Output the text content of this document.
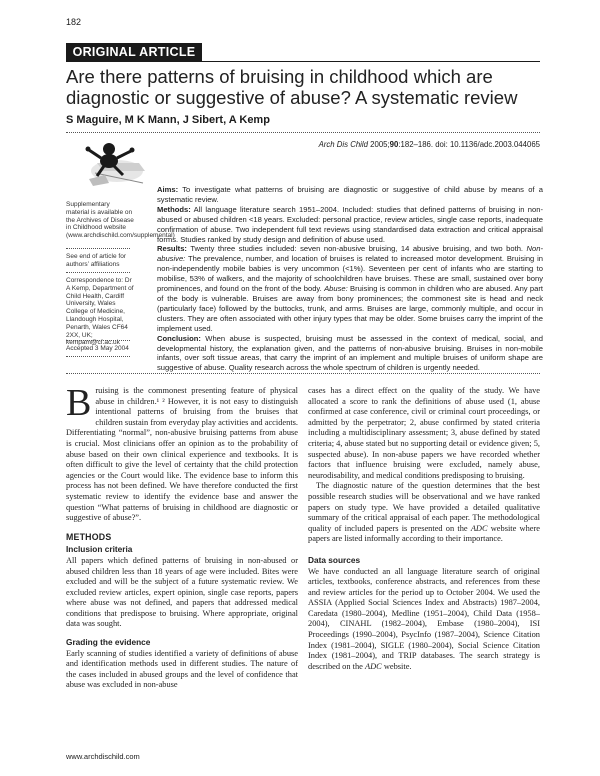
182
ORIGINAL ARTICLE
Are there patterns of bruising in childhood which are diagnostic or suggestive of abuse? A systematic review
S Maguire, M K Mann, J Sibert, A Kemp
Arch Dis Child 2005;90:182–186. doi: 10.1136/adc.2003.044065
Supplementary material is available on the Archives of Disease in Childhood website (www.archdischild.com/supplemental)
See end of article for authors’ affiliations
Correspondence to: Dr A Kemp, Department of Child Health, Cardiff University, Wales College of Medicine, Llandough Hospital, Penarth, Wales CF64 2XX, UK; kempam@cf.ac.uk
Accepted 3 May 2004

Aims: To investigate what patterns of bruising are diagnostic or suggestive of child abuse by means of a systematic review.

Methods: All language literature search 1951–2004. Included: studies that defined patterns of bruising in non-abused or abused children <18 years. Excluded: personal practice, review articles, single case reports, inadequate confirmation of abuse. Two independent full text reviews using standardised data extraction and critical appraisal forms. Studies ranked by study design and definition of abuse used.

Results: Twenty three studies included: seven non-abusive bruising, 14 abusive bruising, and two both. Non-abusive: The prevalence, number, and location of bruises is related to increased motor development. Bruising in non-independently mobile babies is very uncommon (<1%). Seventeen per cent of infants who are starting to mobilise, 53% of walkers, and the majority of schoolchildren have bruises. These are small, sustained over bony prominences, and found on the front of the body. Abuse: Bruising is common in children who are abused. Any part of the body is vulnerable. Bruises are away from bony prominences; the commonest site is head and neck (particularly face) followed by the buttocks, trunk, and arms. Bruises are large, commonly multiple, and occur in clusters. They are often associated with other injury types that may be older. Some bruises carry the imprint of the implement used.

Conclusion: When abuse is suspected, bruising must be assessed in the context of medical, social, and developmental history, the explanation given, and the patterns of non-abusive bruising. Bruises in non-mobile infants, over soft tissue areas, that carry the imprint of an implement and multiple bruises of uniform shape are suggestive of abuse. Quality research across the whole spectrum of children is urgently needed.

Bruising is the commonest presenting feature of physical abuse in children.¹ ² However, it is not easy to distinguish intentional patterns of bruising from the bruises that children sustain from everyday play activities and accidents. Differentiating “normal”, non-abusive bruising patterns from abuse is crucial. Most clinicians offer an opinion as to the probability of abuse based on their own clinical experience and textbooks. It is often difficult to give the level of certainty that the child protection agencies or the Court would like. The evidence base to inform this process has not been defined. We have therefore conducted the first systematic review to identify the evidence base and answer the question “What patterns of bruising in childhood are diagnostic or suggestive of abuse?”.

METHODS
Inclusion criteria

All papers which defined patterns of bruising in non-abused or abused children less than 18 years of age were included. Bites were excluded and will be the subject of a future systematic review. We excluded review articles, expert opinion, single case reports, papers where abuse was not defined, and papers that addressed medical conditions that predispose to bruising. Where appropriate, original data was sought.

Grading the evidence

Early scanning of studies identified a variety of definitions of abuse and identification methods used in different studies. The nature of the cases included in abused groups and the level of confidence that abuse was excluded in non-abuse

cases has a direct effect on the quality of the study. We have allocated a score to rank the definitions of abuse used (1, abuse confirmed at case conference, civil or criminal court proceedings, or admitted by the perpetrator; 2, abuse confirmed by stated criteria including a multidisciplinary assessment; 3, abuse defined by stated criteria; 4, abuse stated but no supporting detail or evidence given; 5, suspected abuse). In non-abuse papers we have recorded whether factors that influence bruising were excluded, namely abuse, neurodisability, and medical conditions predisposing to bruising.

The diagnostic nature of the question determines that the best possible research studies will be observational and we have ranked papers on study type. We have provided a detailed qualitative summary of the critical appraisal of each paper. The methodological quality of included papers is presented on the ADC website where papers are listed informally according to their importance.

Data sources

We have conducted an all language literature search of original articles, textbooks, conference abstracts, and references from these and review articles for the period up to October 2004. We used the ASSIA (Applied Social Sciences Index and Abstracts) 1987–2004, Caredata (1980–2004), Medline (1951–2004), Child Data (1958–2004), CINAHL (1982–2004), Embase (1980–2004), ISI Proceedings (1990–2004), PsycInfo (1987–2004), Science Citation Index (1981–2004), SIGLE (1980–2004), Social Science Citation Index (1981–2004), and TRIP databases. The search strategy is described on the ADC website.

www.archdischild.com
